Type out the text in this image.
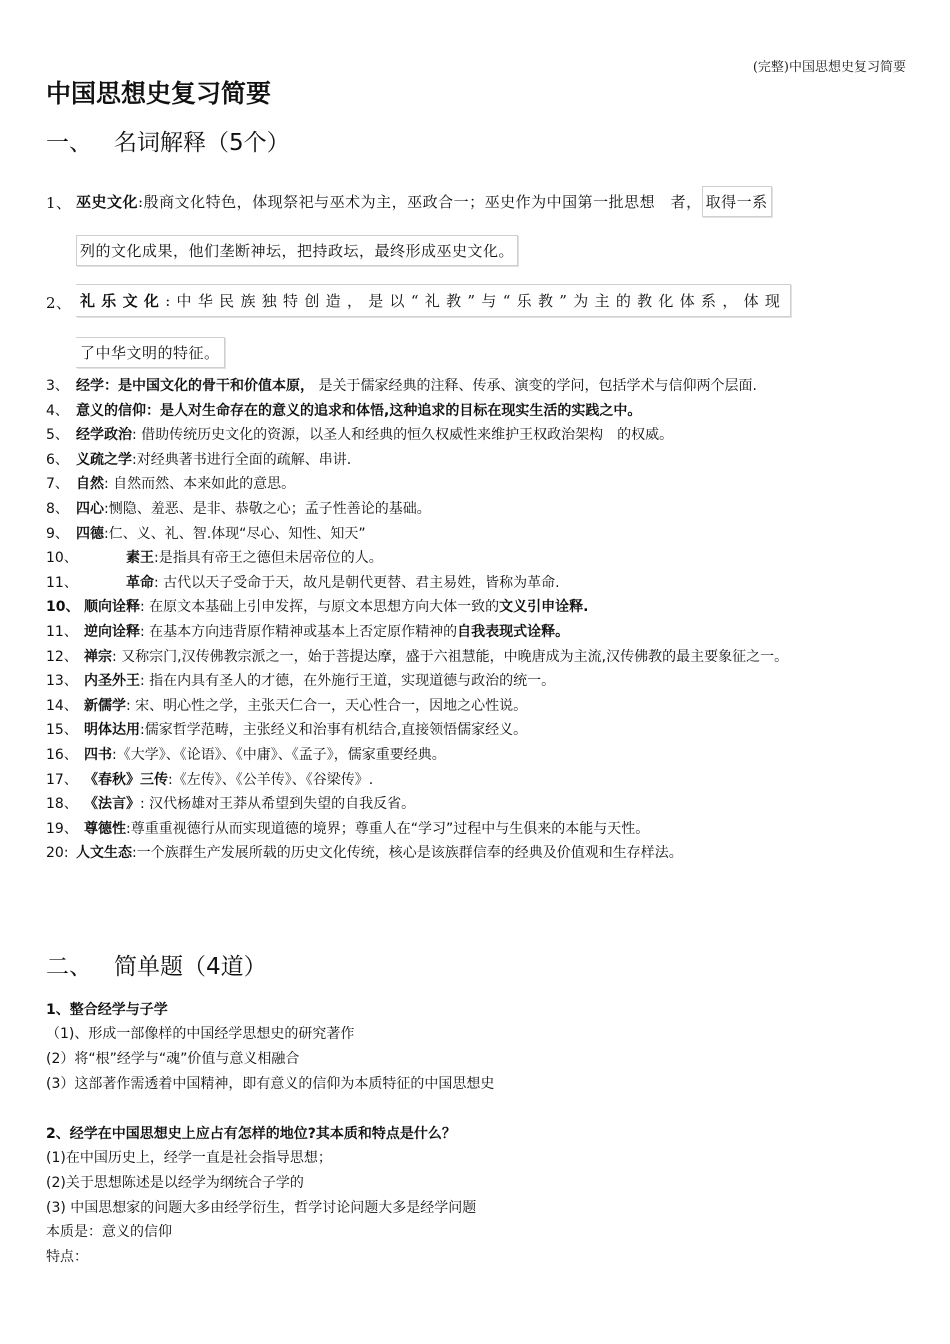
(完整)中国思想史复习简要
中国思想史复习简要
一、 名词解释（5个）
1、 巫史文化:殷商文化特色，体现祭祀与巫术为主，巫政合一；巫史作为中国第一批思想　者， 取得一系
列的文化成果，他们垄断神坛，把持政坛，最终形成巫史文化。
2、 礼乐文化:中华民族独特创造，是以“礼教”与“乐教”为主的教化体系，体现
了中华文明的特征。
3、 经学：是中国文化的骨干和价值本原， 是关于儒家经典的注释、传承、演变的学问，包括学术与信仰两个层面.
4、 意义的信仰：是人对生命存在的意义的追求和体悟,这种追求的目标在现实生活的实践之中。
5、 经学政治: 借助传统历史文化的资源，以圣人和经典的恒久权威性来维护王权政治架构　的权威。
6、 义疏之学:对经典著书进行全面的疏解、串讲.
7、 自然: 自然而然、本来如此的意思。
8、 四心:恻隐、羞恶、是非、恭敬之心；孟子性善论的基础。
9、 四德:仁、义、礼、智.体现“尽心、知性、知天”
10、	素王:是指具有帝王之德但未居帝位的人。
11、	革命: 古代以天子受命于天，故凡是朝代更替、君主易姓，皆称为革命.
10、 顺向诠释: 在原文本基础上引申发挥，与原文本思想方向大体一致的文义引申诠释.
11、 逆向诠释: 在基本方向违背原作精神或基本上否定原作精神的自我表现式诠释。
12、 禅宗: 又称宗门,汉传佛教宗派之一，始于菩提达摩，盛于六祖慧能，中晚唐成为主流,汉传佛教的最主要象征之一。
13、 内圣外王: 指在内具有圣人的才德，在外施行王道，实现道德与政治的统一。
14、 新儒学: 宋、明心性之学，主张天仁合一，天心性合一，因地之心性说。
15、 明体达用:儒家哲学范畴，主张经义和治事有机结合,直接领悟儒家经义。
16、 四书:《大学》、《论语》、《中庸》、《孟子》，儒家重要经典。
17、 《春秋》三传:《左传》、《公羊传》、《谷梁传》.
18、 《法言》: 汉代杨雄对王莽从希望到失望的自我反省。
19、 尊德性:尊重重视德行从而实现道德的境界；尊重人在“学习”过程中与生俱来的本能与天性。
20: 人文生态:一个族群生产发展所载的历史文化传统，核心是该族群信奉的经典及价值观和生存样法。
二、 简单题（4道）
1、整合经学与子学
（1)、形成一部像样的中国经学思想史的研究著作
(2）将“根”经学与“魂”价值与意义相融合
(3）这部著作需透着中国精神，即有意义的信仰为本质特征的中国思想史
2、经学在中国思想史上应占有怎样的地位?其本质和特点是什么？
(1)在中国历史上，经学一直是社会指导思想；
(2)关于思想陈述是以经学为纲统合子学的
(3) 中国思想家的问题大多由经学衍生，哲学讨论问题大多是经学问题
本质是：意义的信仰
特点：
